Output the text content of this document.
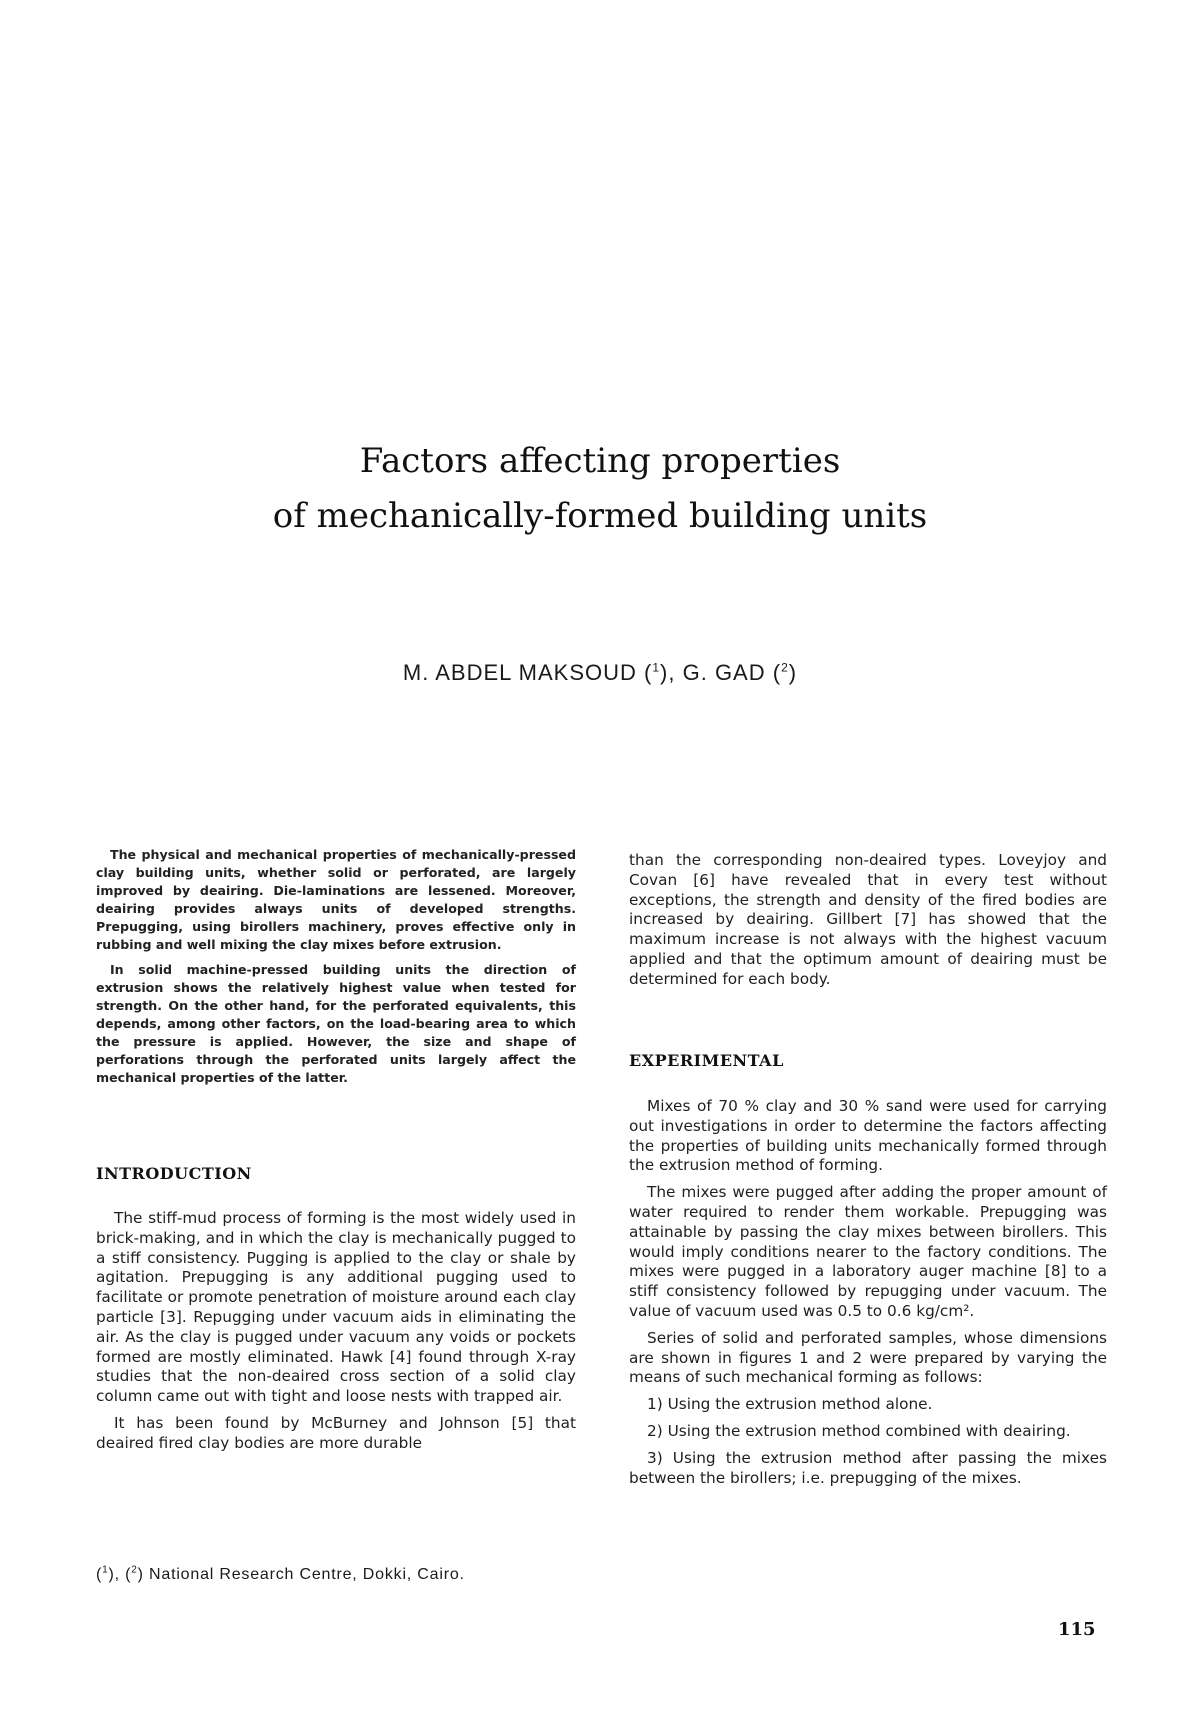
Factors affecting properties
of mechanically-formed building units
M. ABDEL MAKSOUD ($^1$), G. GAD ($^2$)

The physical and mechanical properties of mechanically-pressed clay building units, whether solid or perforated, are largely improved by deairing. Die-laminations are lessened. Moreover, deairing provides always units of developed strengths. Prepugging, using birollers machinery, proves effective only in rubbing and well mixing the clay mixes before extrusion.

In solid machine-pressed building units the direction of extrusion shows the relatively highest value when tested for strength. On the other hand, for the perforated equivalents, this depends, among other factors, on the load-bearing area to which the pressure is applied. However, the size and shape of perforations through the perforated units largely affect the mechanical properties of the latter.

INTRODUCTION

The stiff-mud process of forming is the most widely used in brick-making, and in which the clay is mechanically pugged to a stiff consistency. Pugging is applied to the clay or shale by agitation. Prepugging is any additional pugging used to facilitate or promote penetration of moisture around each clay particle [3]. Repugging under vacuum aids in eliminating the air. As the clay is pugged under vacuum any voids or pockets formed are mostly eliminated. Hawk [4] found through X-ray studies that the non-deaired cross section of a solid clay column came out with tight and loose nests with trapped air.

It has been found by McBurney and Johnson [5] that deaired fired clay bodies are more durable

($^1$), ($^2$) National Research Centre, Dokki, Cairo.

than the corresponding non-deaired types. Loveyjoy and Covan [6] have revealed that in every test without exceptions, the strength and density of the fired bodies are increased by deairing. Gillbert [7] has showed that the maximum increase is not always with the highest vacuum applied and that the optimum amount of deairing must be determined for each body.

EXPERIMENTAL

Mixes of 70 % clay and 30 % sand were used for carrying out investigations in order to determine the factors affecting the properties of building units mechanically formed through the extrusion method of forming.

The mixes were pugged after adding the proper amount of water required to render them workable. Prepugging was attainable by passing the clay mixes between birollers. This would imply conditions nearer to the factory conditions. The mixes were pugged in a laboratory auger machine [8] to a stiff consistency followed by repugging under vacuum. The value of vacuum used was 0.5 to 0.6 kg/cm².

Series of solid and perforated samples, whose dimensions are shown in figures 1 and 2 were prepared by varying the means of such mechanical forming as follows:

1) Using the extrusion method alone.

2) Using the extrusion method combined with deairing.

3) Using the extrusion method after passing the mixes between the birollers; i.e. prepugging of the mixes.

115
